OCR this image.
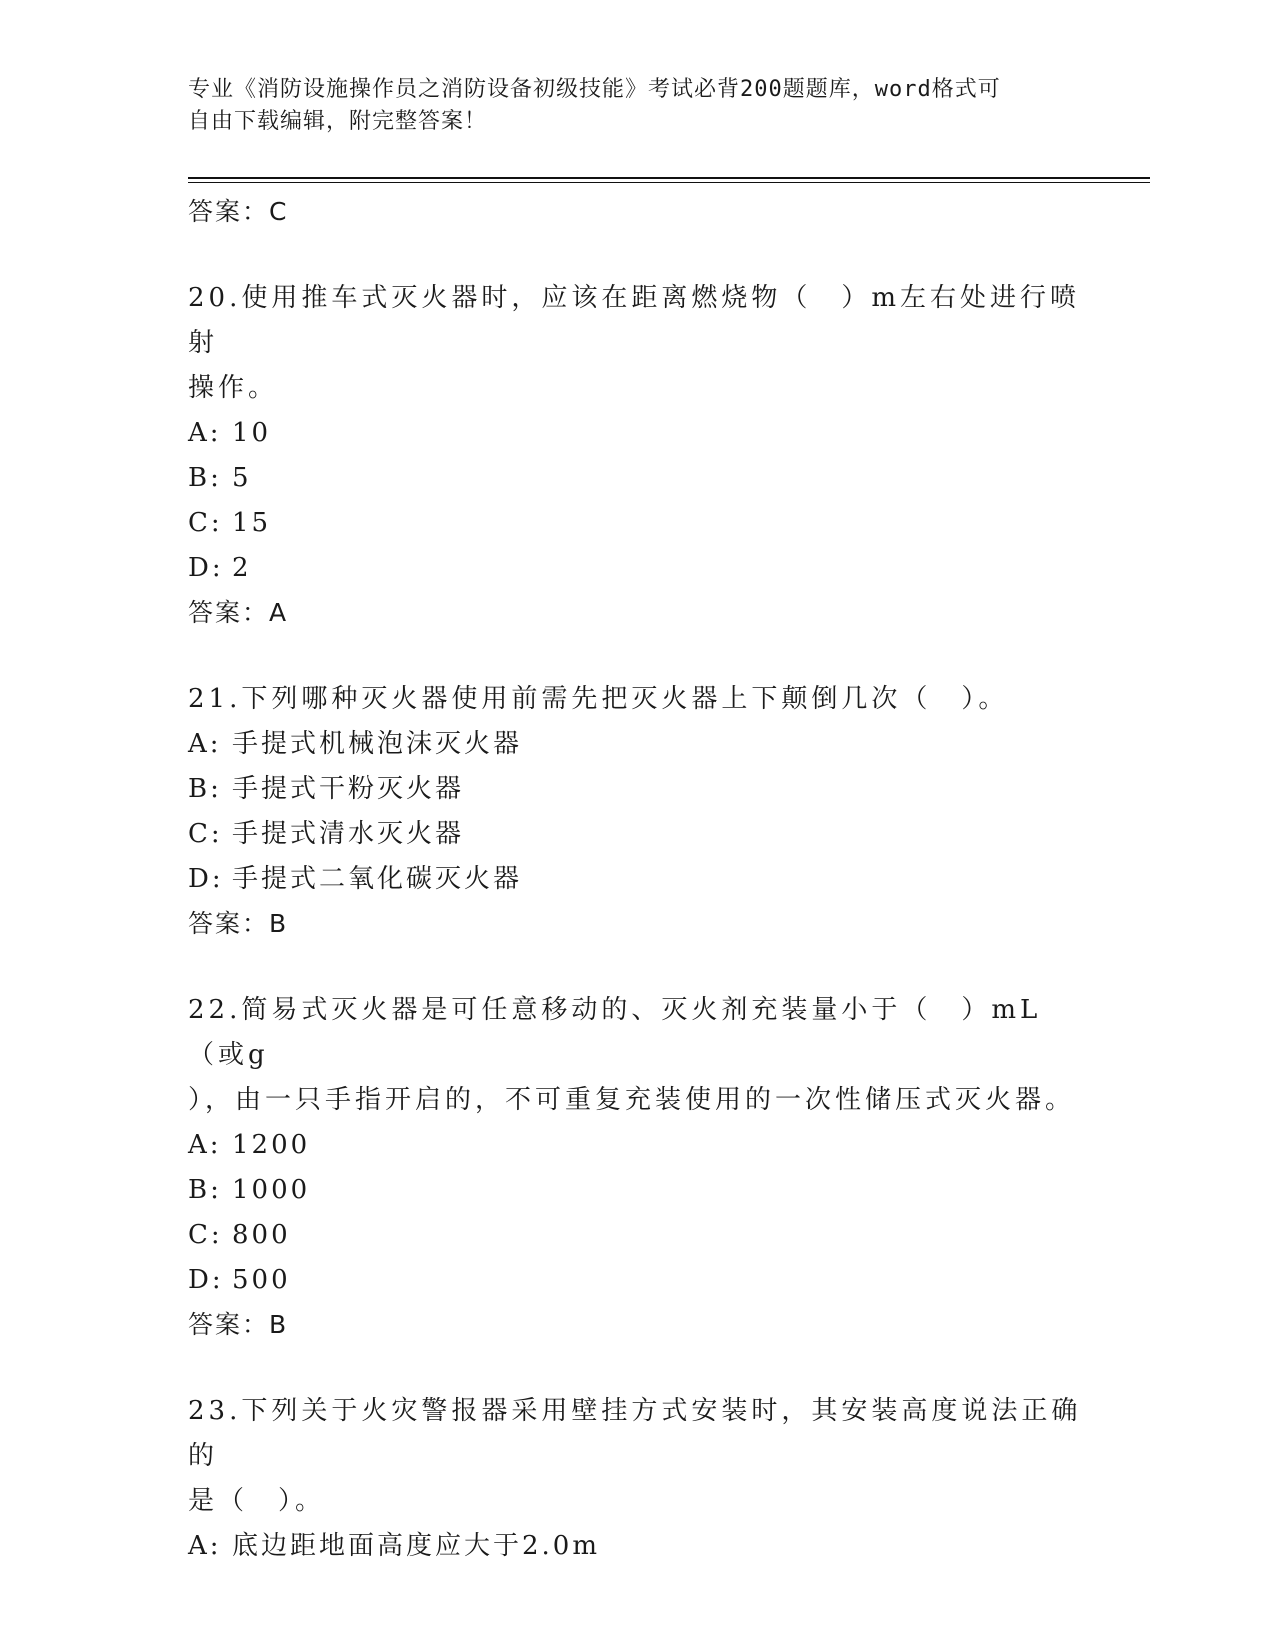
专业《消防设施操作员之消防设备初级技能》考试必背200题题库，word格式可
自由下载编辑，附完整答案！
答案：C

20.使用推车式灭火器时，应该在距离燃烧物（　）m左右处进行喷射
操作。

A: 10
B: 5
C: 15
D: 2
答案：A

21.下列哪种灭火器使用前需先把灭火器上下颠倒几次（　）。

A: 手提式机械泡沫灭火器
B: 手提式干粉灭火器
C: 手提式清水灭火器
D: 手提式二氧化碳灭火器
答案：B

22.简易式灭火器是可任意移动的、灭火剂充装量小于（　）mL（或g
），由一只手指开启的，不可重复充装使用的一次性储压式灭火器。

A: 1200
B: 1000
C: 800
D: 500
答案：B

23.下列关于火灾警报器采用壁挂方式安装时，其安装高度说法正确的
是（　）。

A: 底边距地面高度应大于2.0m
